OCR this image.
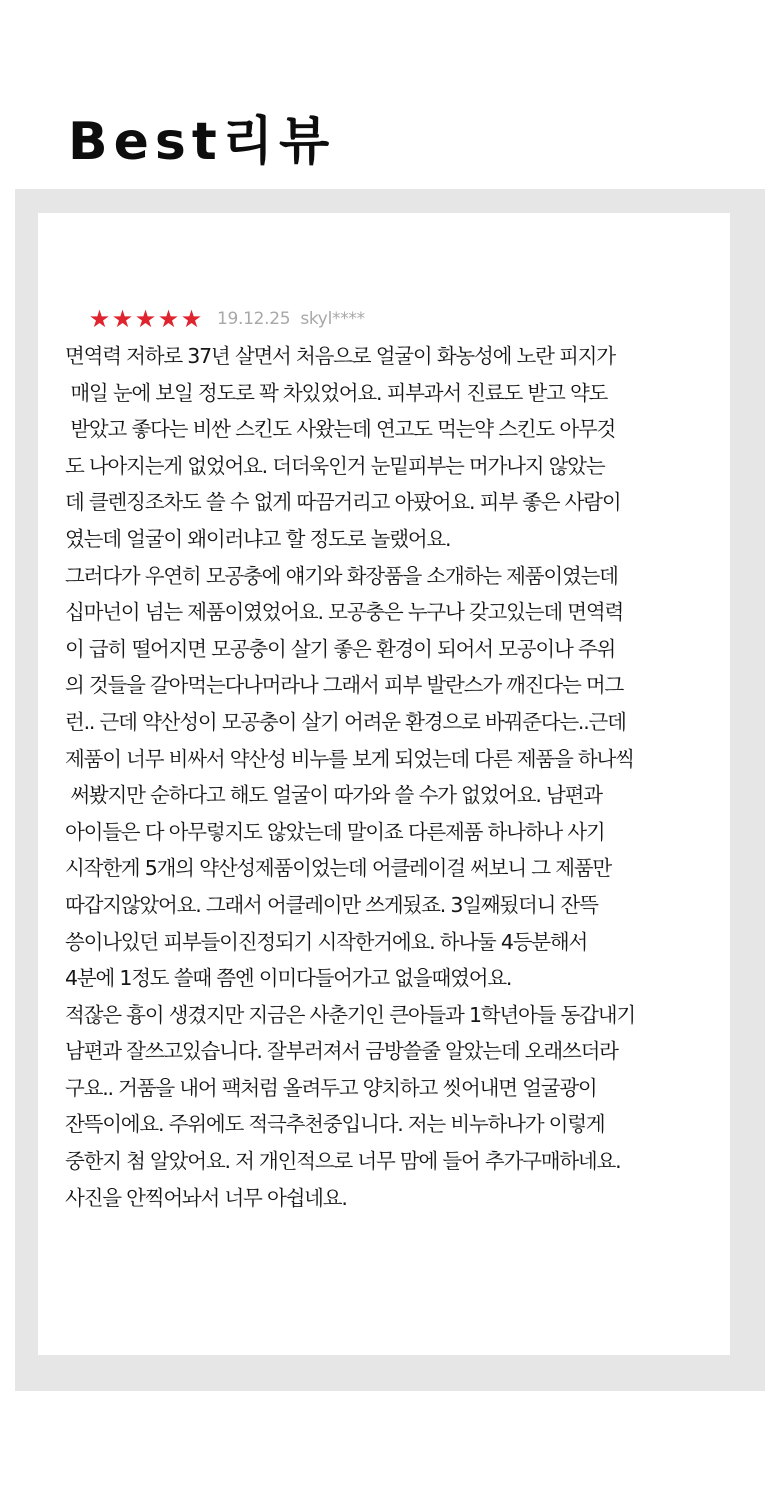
Best리뷰
★ ★ ★ ★ ★ 19.12.25 skyl****
면역력 저하로 37년 살면서 처음으로 얼굴이 화농성에 노란 피지가
매일 눈에 보일 정도로 꽉 차있었어요. 피부과서 진료도 받고 약도
받았고 좋다는 비싼 스킨도 사왔는데 연고도 먹는약 스킨도 아무것
도 나아지는게 없었어요. 더더욱인거 눈밑피부는 머가나지 않았는
데 클렌징조차도 쓸 수 없게 따끔거리고 아팠어요. 피부 좋은 사람이
였는데 얼굴이 왜이러냐고 할 정도로 놀랬어요.
그러다가 우연히 모공충에 얘기와 화장품을 소개하는 제품이였는데
십마넌이 넘는 제품이였었어요. 모공충은 누구나 갖고있는데 면역력
이 급히 떨어지면 모공충이 살기 좋은 환경이 되어서 모공이나 주위
의 것들을 갈아먹는다나머라나 그래서 피부 발란스가 깨진다는 머그
런.. 근데 약산성이 모공충이 살기 어려운 환경으로 바꿔준다는..근데
제품이 너무 비싸서 약산성 비누를 보게 되었는데 다른 제품을 하나씩
써봤지만 순하다고 해도 얼굴이 따가와 쓸 수가 없었어요. 남편과
아이들은 다 아무렇지도 않았는데 말이죠 다른제품 하나하나 사기
시작한게 5개의 약산성제품이었는데 어클레이걸 써보니 그 제품만
따갑지않았어요. 그래서 어클레이만 쓰게됬죠. 3일째됬더니 잔뜩
씅이나있던 피부들이진정되기 시작한거에요. 하나둘 4등분해서
4분에 1정도 쓸때 쯤엔 이미다들어가고 없을때였어요.
적잖은 흉이 생겼지만 지금은 사춘기인 큰아들과 1학년아들 동갑내기
남편과 잘쓰고있습니다. 잘부러져서 금방쓸줄 알았는데 오래쓰더라
구요.. 거품을 내어 팩처럼 올려두고 양치하고 씻어내면 얼굴광이
잔뜩이에요. 주위에도 적극추천중입니다. 저는 비누하나가 이렇게
중한지 첨 알았어요. 저 개인적으로 너무 맘에 들어 추가구매하네요.
사진을 안찍어놔서 너무 아쉽네요.
